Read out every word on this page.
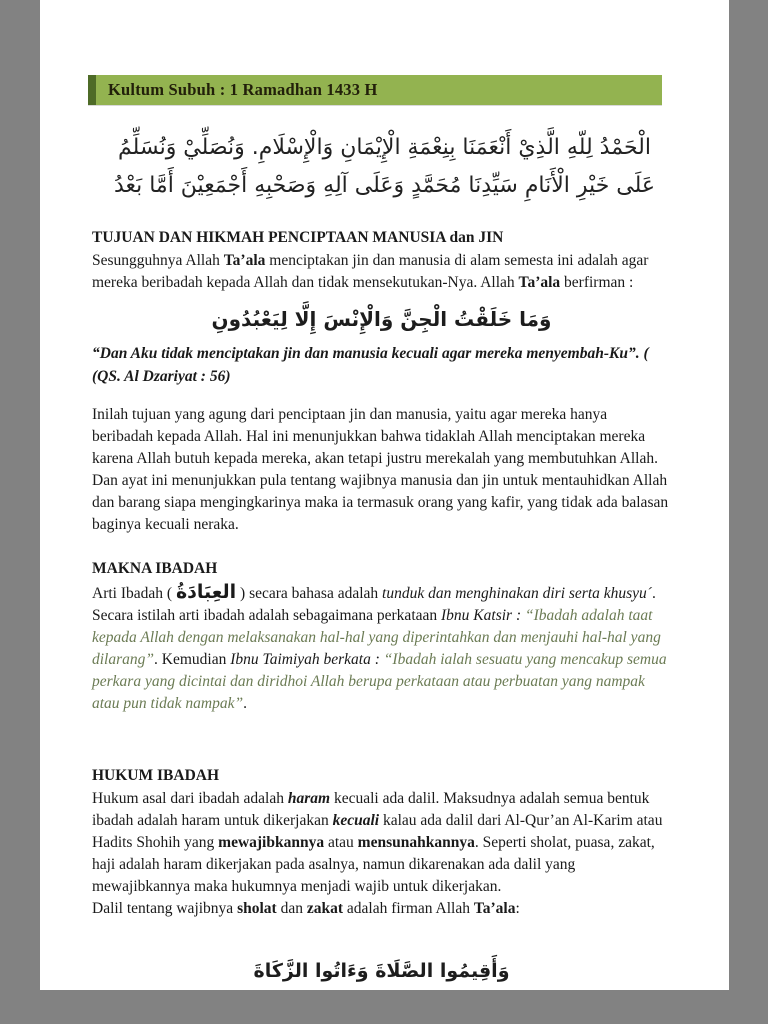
Kultum Subuh : 1 Ramadhan 1433 H
الْحَمْدُ لِلّهِ الَّذِيْ أَنْعَمَنَا بِنِعْمَةِ الْإِيْمَانِ وَالْإِسْلَامِ. وَنُصَلِّيْ وَنُسَلِّمُ
عَلَى خَيْرِ الْأَنَامِ سَيِّدِنَا مُحَمَّدٍ وَعَلَى آلِهِ وَصَحْبِهِ أَجْمَعِيْنَ أَمَّا بَعْدُ
TUJUAN DAN HIKMAH PENCIPTAAN MANUSIA dan JIN

Sesungguhnya Allah Ta’ala menciptakan jin dan manusia di alam semesta ini adalah agar mereka beribadah kepada Allah dan tidak mensekutukan-Nya. Allah Ta’ala berfirman :

وَمَا خَلَقْتُ الْجِنَّ وَالْإِنْسَ إِلَّا لِيَعْبُدُونِ

“Dan Aku tidak menciptakan jin dan manusia kecuali agar mereka menyembah-Ku”. ( (QS. Al Dzariyat : 56)

Inilah tujuan yang agung dari penciptaan jin dan manusia, yaitu agar mereka hanya beribadah kepada Allah. Hal ini menunjukkan bahwa tidaklah Allah menciptakan mereka karena Allah butuh kepada mereka, akan tetapi justru merekalah yang membutuhkan Allah. Dan ayat ini menunjukkan pula tentang wajibnya manusia dan jin untuk mentauhidkan Allah dan barang siapa mengingkarinya maka ia termasuk orang yang kafir, yang tidak ada balasan baginya kecuali neraka.

MAKNA IBADAH

Arti Ibadah ( العِبَادَةُ ) secara bahasa adalah tunduk dan menghinakan diri serta khusyu´. Secara istilah arti ibadah adalah sebagaimana perkataan Ibnu Katsir : “Ibadah adalah taat kepada Allah dengan melaksanakan hal-hal yang diperintahkan dan menjauhi hal-hal yang dilarang”. Kemudian Ibnu Taimiyah berkata : “Ibadah ialah sesuatu yang mencakup semua perkara yang dicintai dan diridhoi Allah berupa perkataan atau perbuatan yang nampak atau pun tidak nampak”.

HUKUM IBADAH

Hukum asal dari ibadah adalah haram kecuali ada dalil. Maksudnya adalah semua bentuk ibadah adalah haram untuk dikerjakan kecuali kalau ada dalil dari Al-Qur’an Al-Karim atau Hadits Shohih yang mewajibkannya atau mensunahkannya. Seperti sholat, puasa, zakat, haji adalah haram dikerjakan pada asalnya, namun dikarenakan ada dalil yang mewajibkannya maka hukumnya menjadi wajib untuk dikerjakan.

Dalil tentang wajibnya sholat dan zakat adalah firman Allah Ta’ala:

وَأَقِيمُوا الصَّلَاةَ وَءَاتُوا الزَّكَاةَ
